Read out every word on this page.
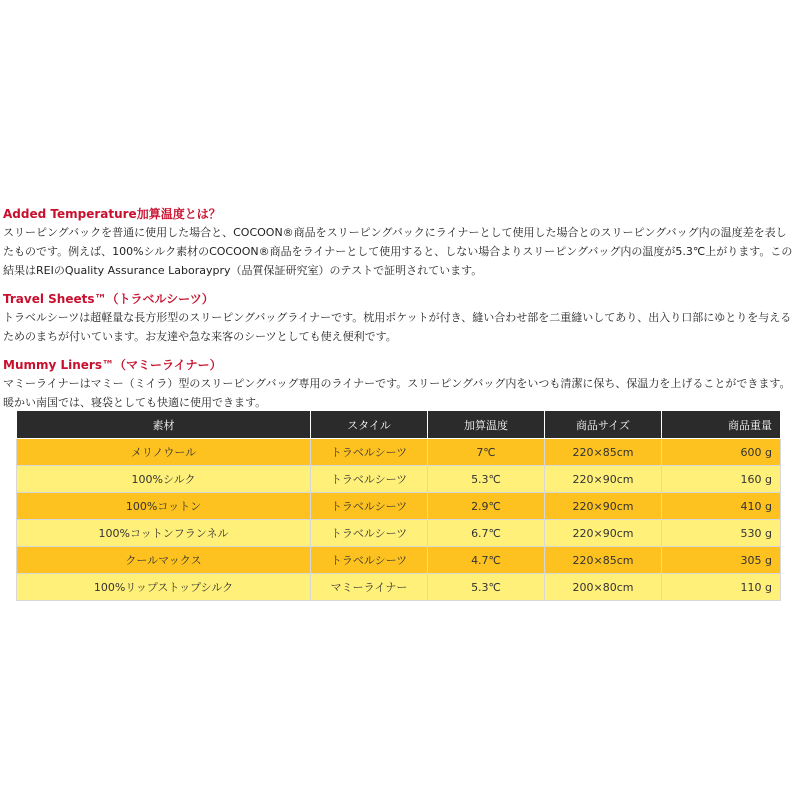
Added Temperature加算温度とは？
スリーピングバックを普通に使用した場合と、COCOON®商品をスリーピングバックにライナーとして使用した場合とのスリーピングバッグ内の温度差を表したものです。例えば、100%シルク素材のCOCOON®商品をライナーとして使用すると、しない場合よりスリーピングバッグ内の温度が5.3℃上がります。この結果はREIのQuality Assurance Laboraypry（品質保証研究室）のテストで証明されています。
Travel Sheets™（トラベルシーツ）
トラベルシーツは超軽量な長方形型のスリーピングバッグライナーです。枕用ポケットが付き、縫い合わせ部を二重縫いしてあり、出入り口部にゆとりを与えるためのまちが付いています。お友達や急な来客のシーツとしても使え便利です。
Mummy Liners™（マミーライナー）
マミーライナーはマミー（ミイラ）型のスリーピングバッグ専用のライナーです。スリーピングバッグ内をいつも清潔に保ち、保温力を上げることができます。暖かい南国では、寝袋としても快適に使用できます。
素材	スタイル	加算温度	商品サイズ	商品重量
メリノウール	トラベルシーツ	7℃	220×85cm	600 g
100%シルク	トラベルシーツ	5.3℃	220×90cm	160 g
100%コットン	トラベルシーツ	2.9℃	220×90cm	410 g
100%コットンフランネル	トラベルシーツ	6.7℃	220×90cm	530 g
クールマックス	トラベルシーツ	4.7℃	220×85cm	305 g
100%リップストップシルク	マミーライナー	5.3℃	200×80cm	110 g
